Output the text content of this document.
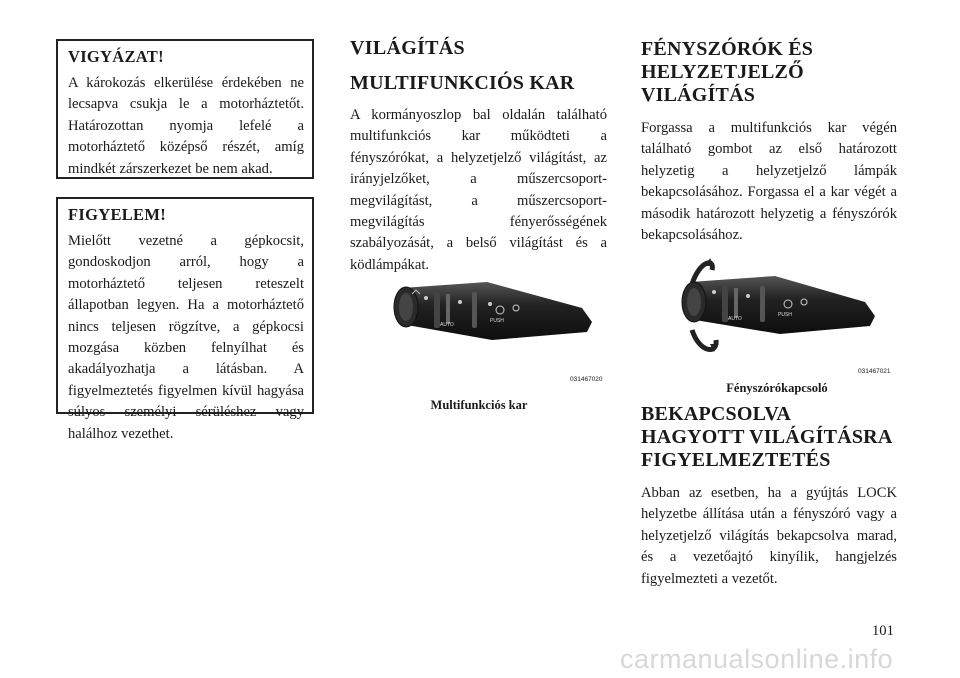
VIGYÁZAT!

A károkozás elkerülése érdekében ne lecsapva csukja le a motorháztetőt. Határozottan nyomja lefelé a motorháztető középső részét, amíg mindkét zárszerkezet be nem akad.

FIGYELEM!

Mielőtt vezetné a gépkocsit, gondoskodjon arról, hogy a motorháztető teljesen reteszelt állapotban legyen. Ha a motorháztető nincs teljesen rögzítve, a gépkocsi mozgása közben felnyílhat és akadályozhatja a látásban. A figyelmeztetés figyelmen kívül hagyása súlyos személyi sérüléshez vagy halálhoz vezethet.

VILÁGÍTÁS
MULTIFUNKCIÓS KAR

A kormányoszlop bal oldalán található multifunkciós kar működteti a fényszórókat, a helyzetjelző világítást, az irányjelzőket, a műszercsoport-megvilágítást, a műszercsoport-megvilágítás fényerősségének szabályozását, a belső világítást és a ködlámpákat.

AUTO
PUSH
031467020
Multifunkciós kar
FÉNYSZÓRÓK ÉS
HELYZETJELZŐ
VILÁGÍTÁS

Forgassa a multifunkciós kar végén található gombot az első határozott helyzetig a helyzetjelző lámpák bekapcsolásához. Forgassa el a kar végét a második határozott helyzetig a fényszórók bekapcsolásához.

AUTO
PUSH
031467021
Fényszórókapcsoló
BEKAPCSOLVA
HAGYOTT VILÁGÍTÁSRA
FIGYELMEZTETÉS

Abban az esetben, ha a gyújtás LOCK helyzetbe állítása után a fényszóró vagy a helyzetjelző világítás bekapcsolva marad, és a vezetőajtó kinyílik, hangjelzés figyelmezteti a vezetőt.

101
carmanualsonline.info
